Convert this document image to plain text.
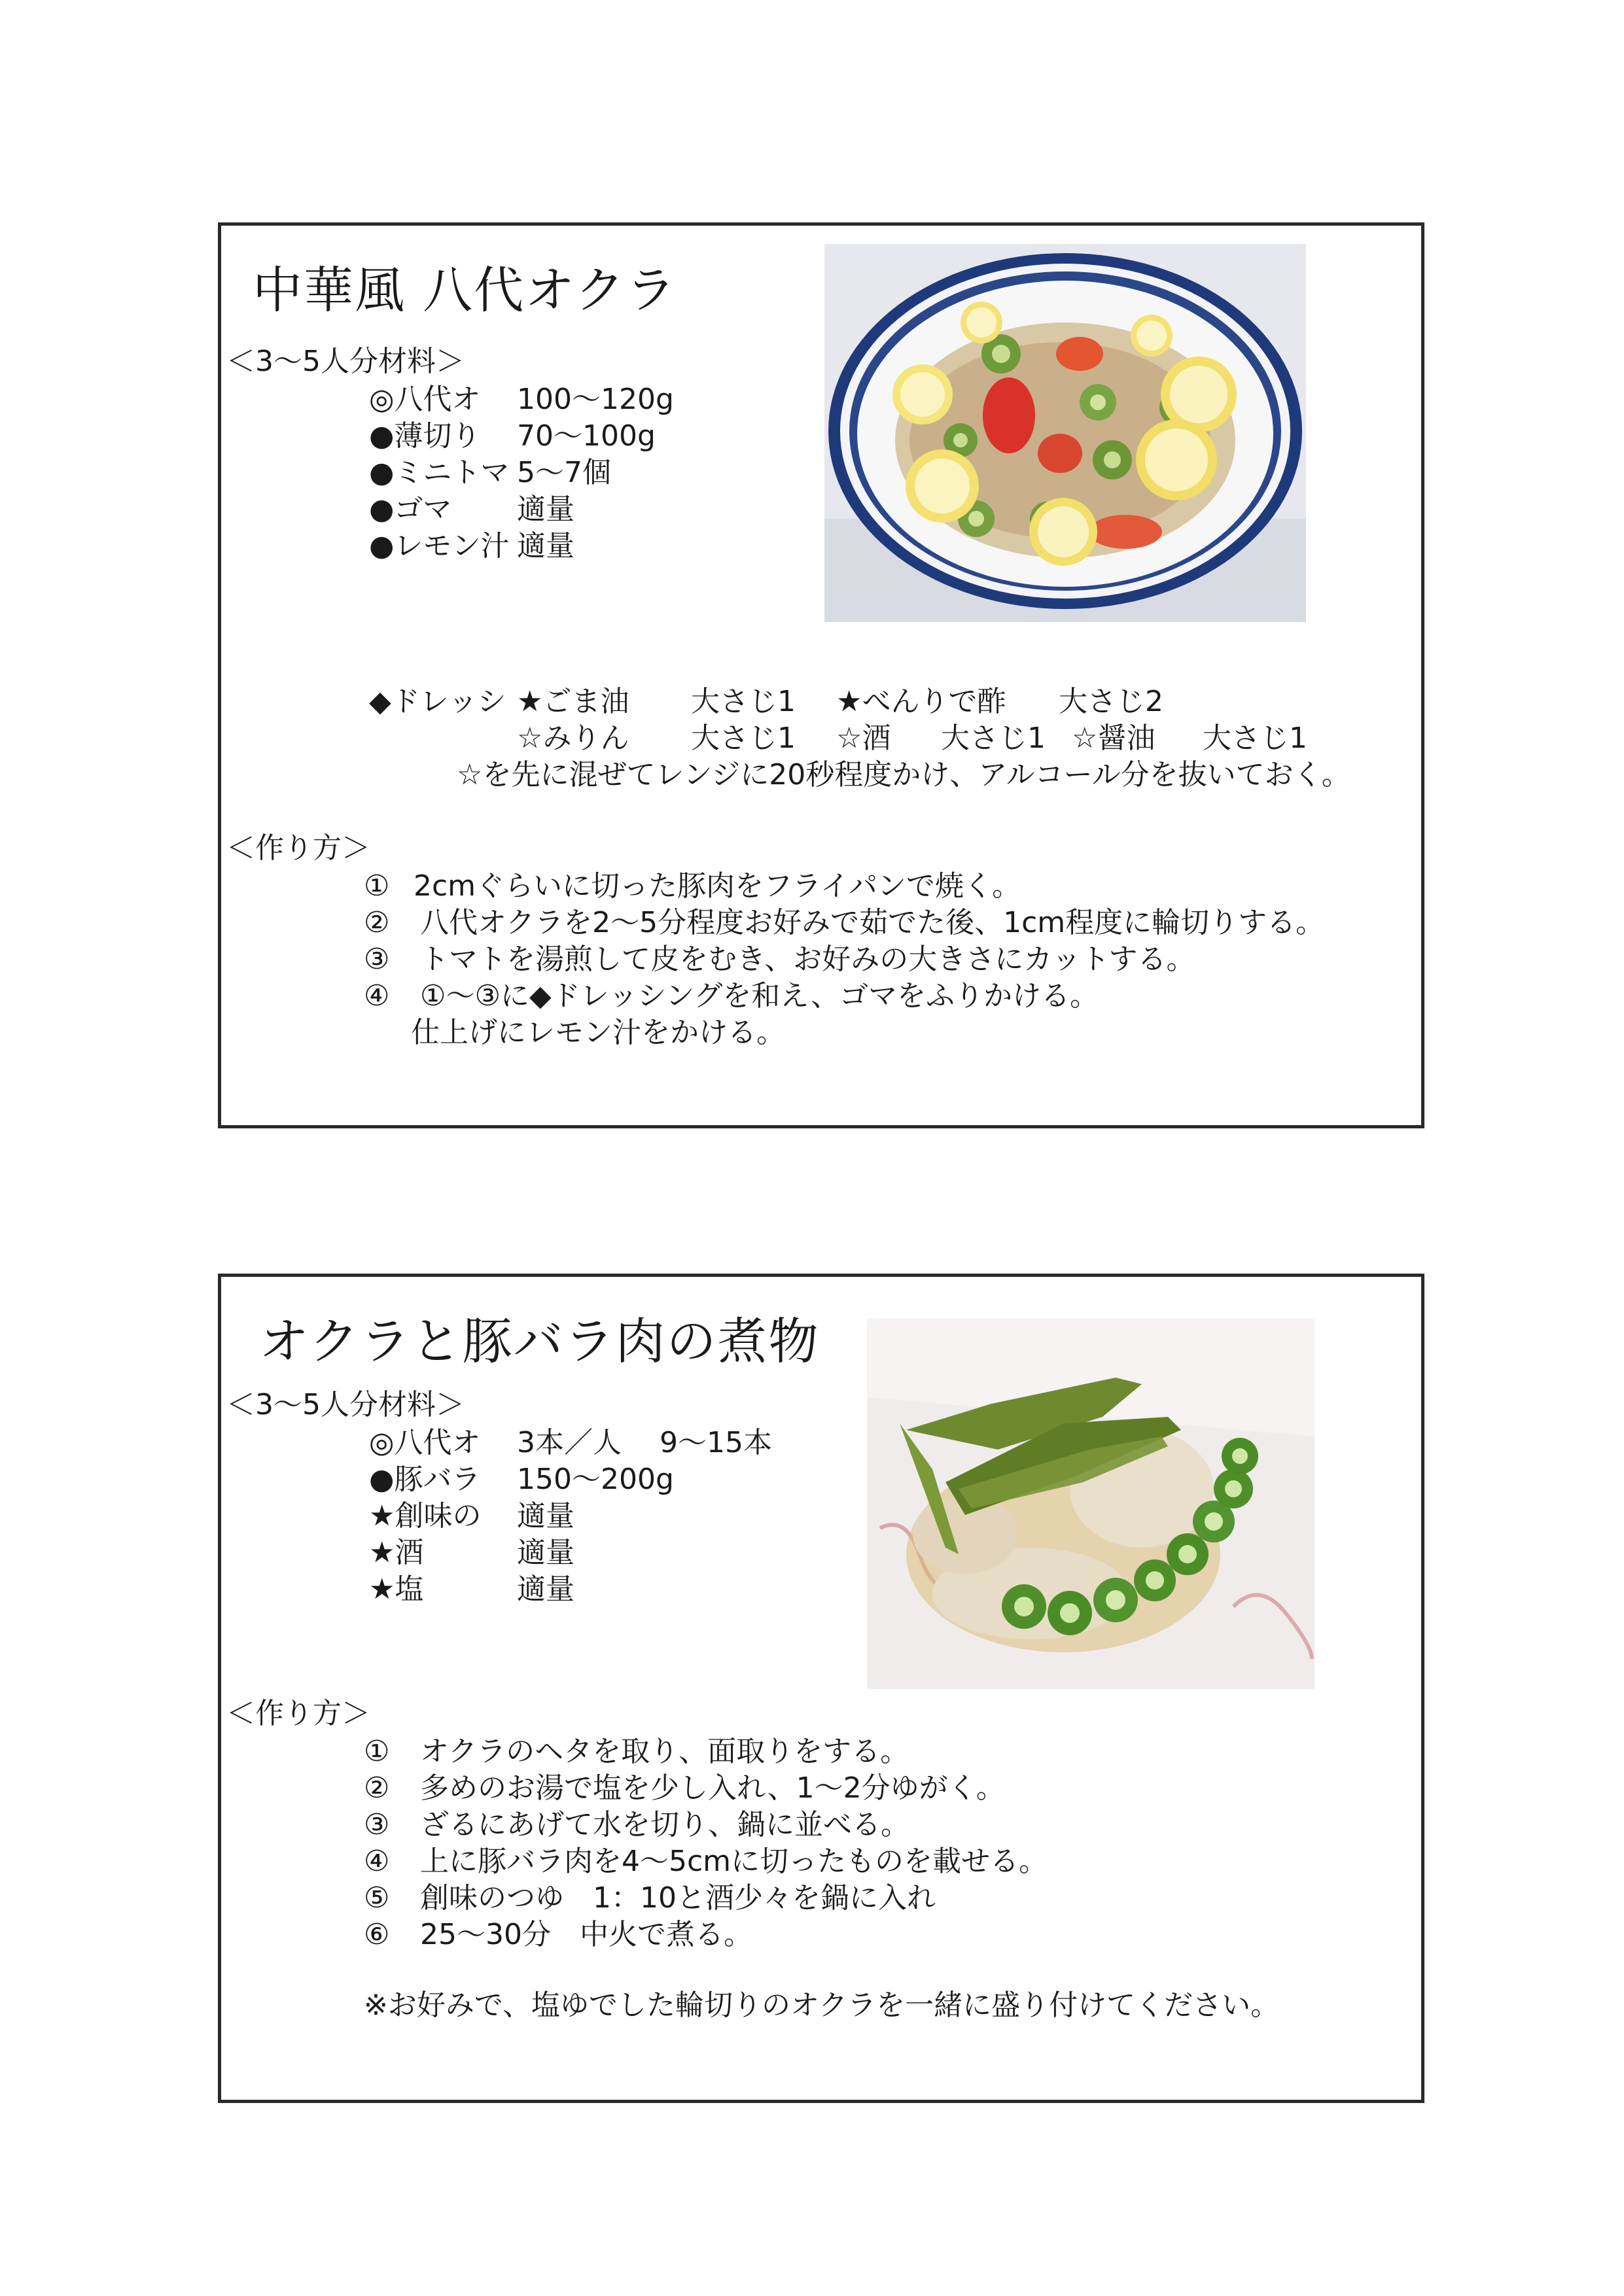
中華風 八代オクラ
＜3～5人分材料＞
◎八代オ 100～120g
●薄切り 70～100g
●ミニトマ 5～7個
●ゴマ 適量
●レモン汁 適量
◆ドレッシ ★ごま油 大さじ1 ★べんりで酢 大さじ2
☆みりん 大さじ1 ☆酒 大さじ1 ☆醤油 大さじ1
☆を先に混ぜてレンジに20秒程度かけ、アルコール分を抜いておく。
＜作り方＞
① 2cmぐらいに切った豚肉をフライパンで焼く。
② 八代オクラを2～5分程度お好みで茹でた後、1cm程度に輪切りする。
③ トマトを湯煎して皮をむき、お好みの大きさにカットする。
④ ①～③に◆ドレッシングを和え、ゴマをふりかける。
仕上げにレモン汁をかける。
オクラと豚バラ肉の煮物
＜3～5人分材料＞
◎八代オ 3本／人　 9～15本
●豚バラ 150～200g
★創味の 適量
★酒	適量
★塩	適量
＜作り方＞
① オクラのヘタを取り、面取りをする。
② 多めのお湯で塩を少し入れ、1～2分ゆがく。
③ ざるにあげて水を切り、鍋に並べる。
④ 上に豚バラ肉を4～5cmに切ったものを載せる。
⑤ 創味のつゆ　1：10と酒少々を鍋に入れ
⑥ 25～30分　中火で煮る。
※お好みで、塩ゆでした輪切りのオクラを一緒に盛り付けてください。
